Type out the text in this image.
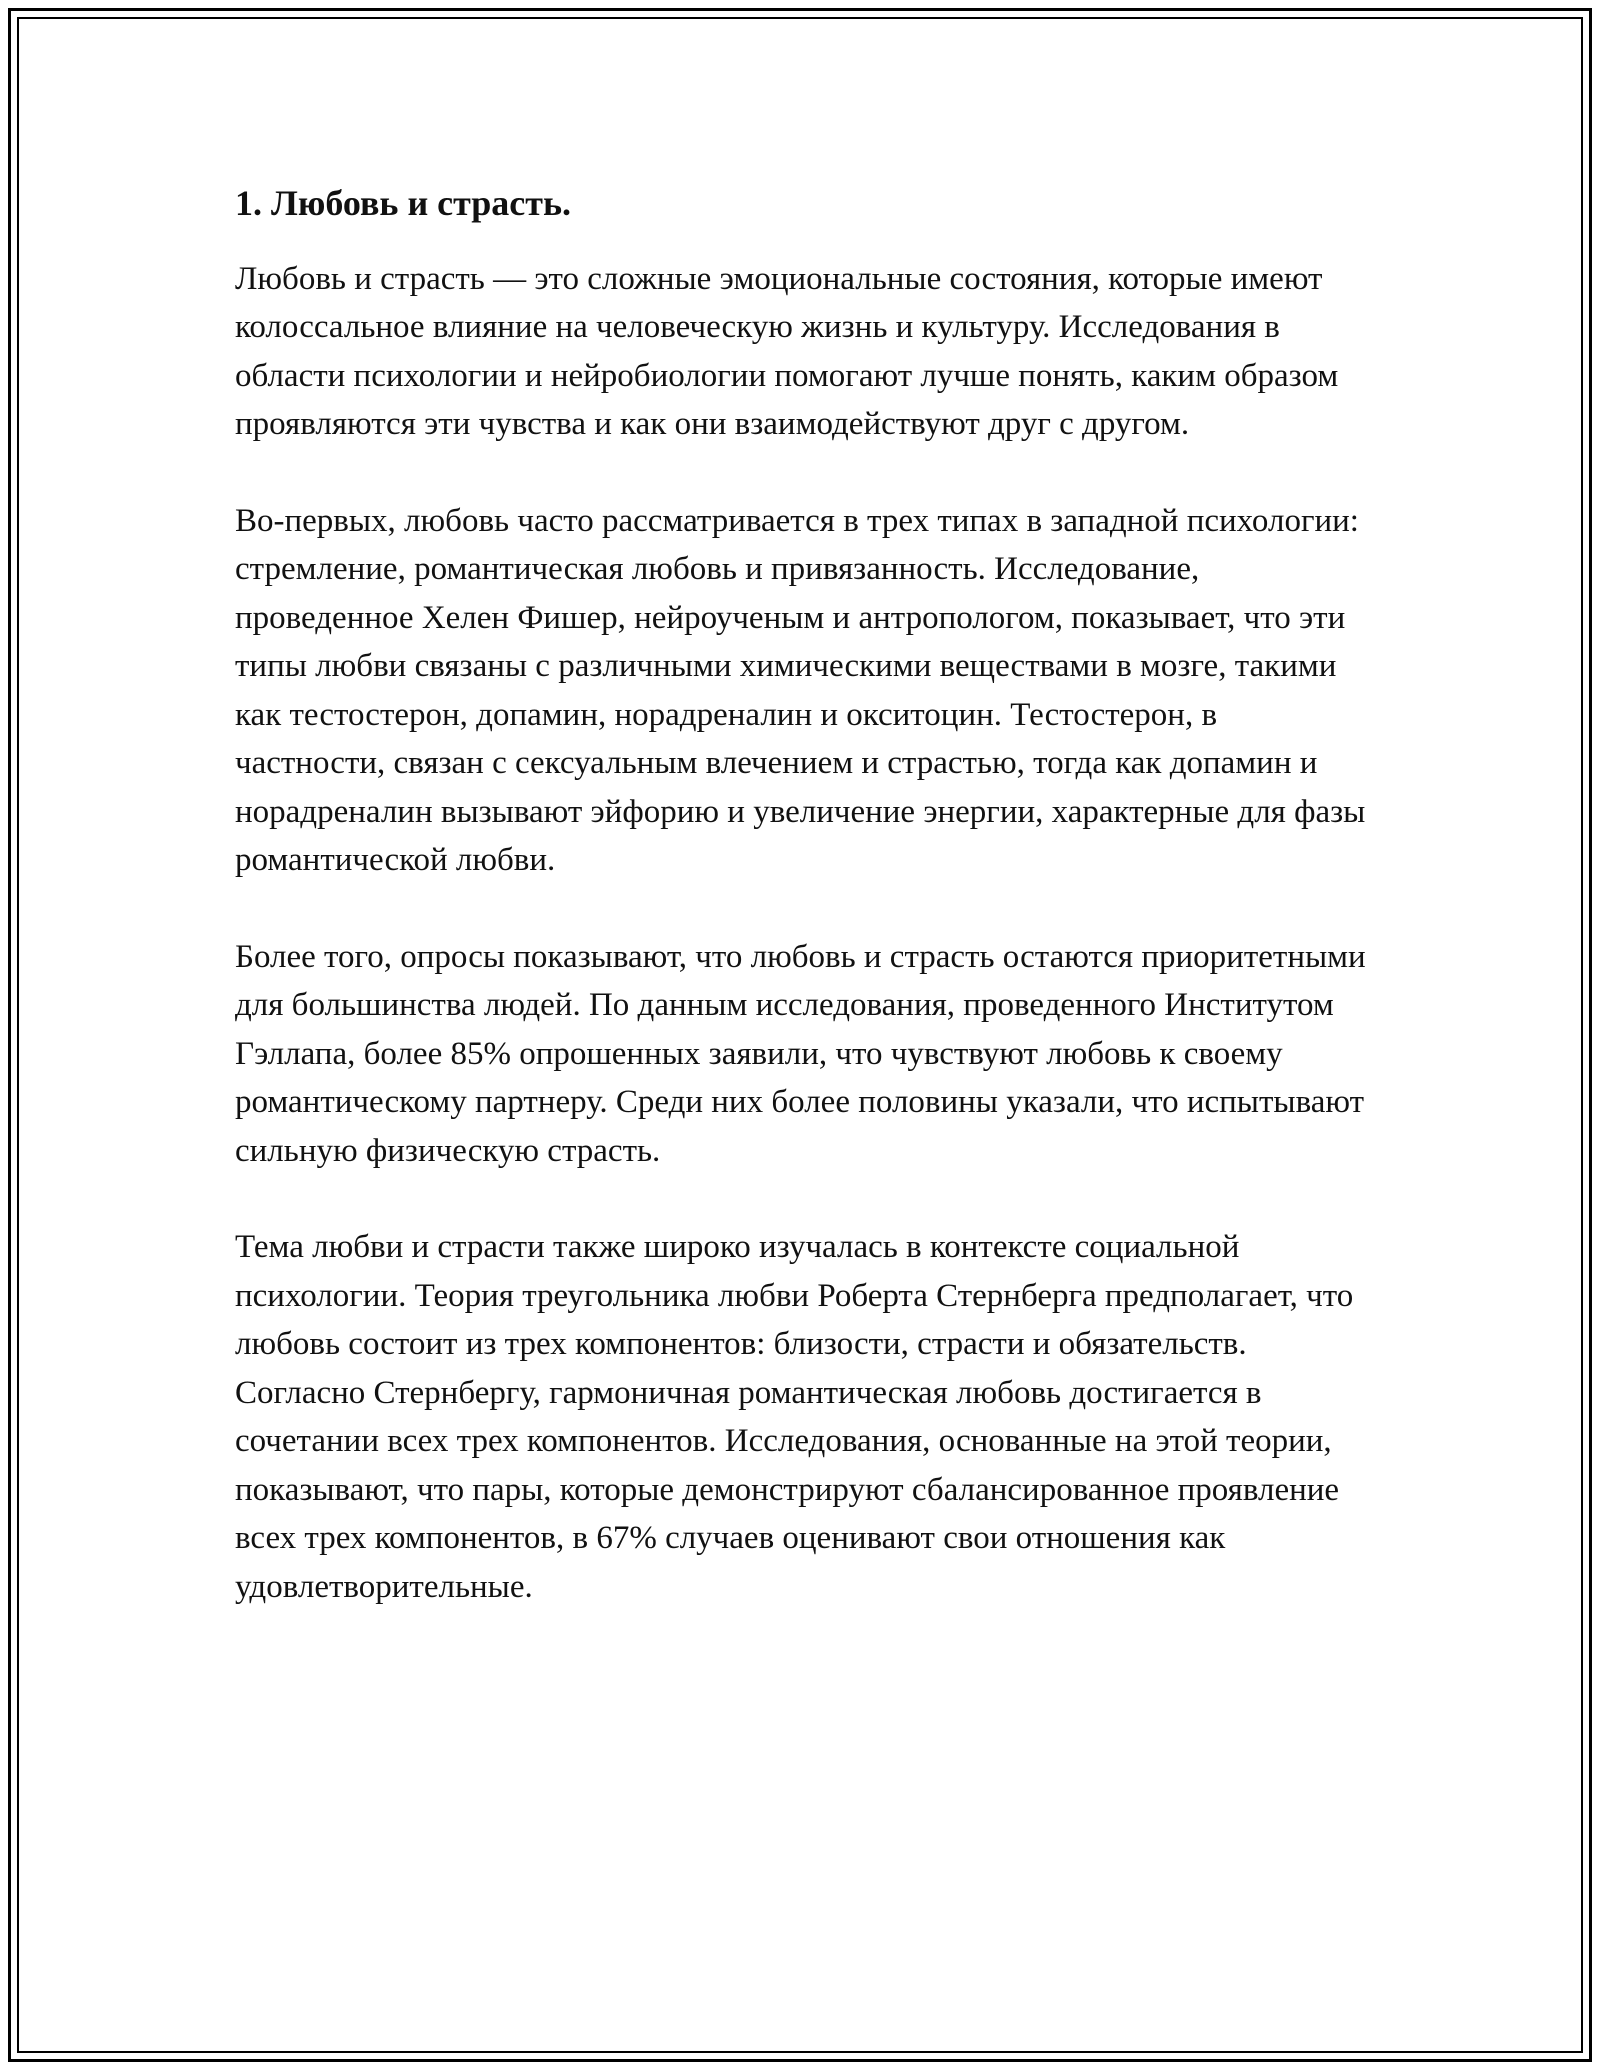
1. Любовь и страсть.

Любовь и страсть — это сложные эмоциональные состояния, которые имеют колоссальное влияние на человеческую жизнь и культуру. Исследования в области психологии и нейробиологии помогают лучше понять, каким образом проявляются эти чувства и как они взаимодействуют друг с другом.

Во-первых, любовь часто рассматривается в трех типах в западной психологии: стремление, романтическая любовь и привязанность. Исследование, проведенное Хелен Фишер, нейроученым и антропологом, показывает, что эти типы любви связаны с различными химическими веществами в мозге, такими как тестостерон, допамин, норадреналин и окситоцин. Тестостерон, в частности, связан с сексуальным влечением и страстью, тогда как допамин и норадреналин вызывают эйфорию и увеличение энергии, характерные для фазы романтической любви.

Более того, опросы показывают, что любовь и страсть остаются приоритетными для большинства людей. По данным исследования, проведенного Институтом Гэллапа, более 85% опрошенных заявили, что чувствуют любовь к своему романтическому партнеру. Среди них более половины указали, что испытывают сильную физическую страсть.

Тема любви и страсти также широко изучалась в контексте социальной психологии. Теория треугольника любви Роберта Стернберга предполагает, что любовь состоит из трех компонентов: близости, страсти и обязательств. Согласно Стернбергу, гармоничная романтическая любовь достигается в сочетании всех трех компонентов. Исследования, основанные на этой теории, показывают, что пары, которые демонстрируют сбалансированное проявление всех трех компонентов, в 67% случаев оценивают свои отношения как удовлетворительные.
